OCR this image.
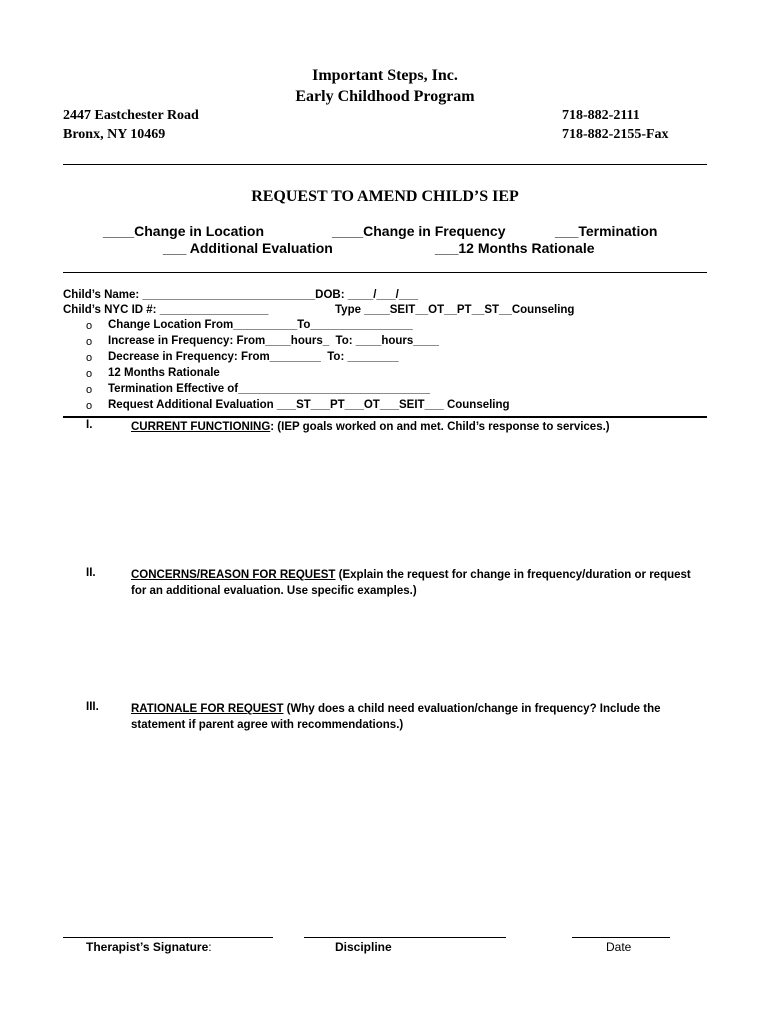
Important Steps, Inc.
Early Childhood Program
2447 Eastchester Road
Bronx, NY 10469
718-882-2111
718-882-2155-Fax
REQUEST TO AMEND CHILD’S IEP
____Change in Location	____Change in Frequency	___Termination
___ Additional Evaluation	___12 Months Rationale
Child’s Name: ___________________________DOB: ____/___/___
Child’s NYC ID #: _________________	Type ____SEIT__OT__PT__ST__Counseling
o Change Location From__________To________________
o Increase in Frequency: From____hours_  To: ____hours____
o Decrease in Frequency: From________  To: ________
o 12 Months Rationale
o Termination Effective of______________________________
o Request Additional Evaluation ___ST___PT___OT___SEIT___ Counseling
I.	CURRENT FUNCTIONING: (IEP goals worked on and met. Child’s response to services.)
II.	CONCERNS/REASON FOR REQUEST (Explain the request for change in frequency/duration or request for an additional evaluation. Use specific examples.)
III.	RATIONALE FOR REQUEST (Why does a child need evaluation/change in frequency? Include the statement if parent agree with recommendations.)
Therapist’s Signature:	Discipline	Date
